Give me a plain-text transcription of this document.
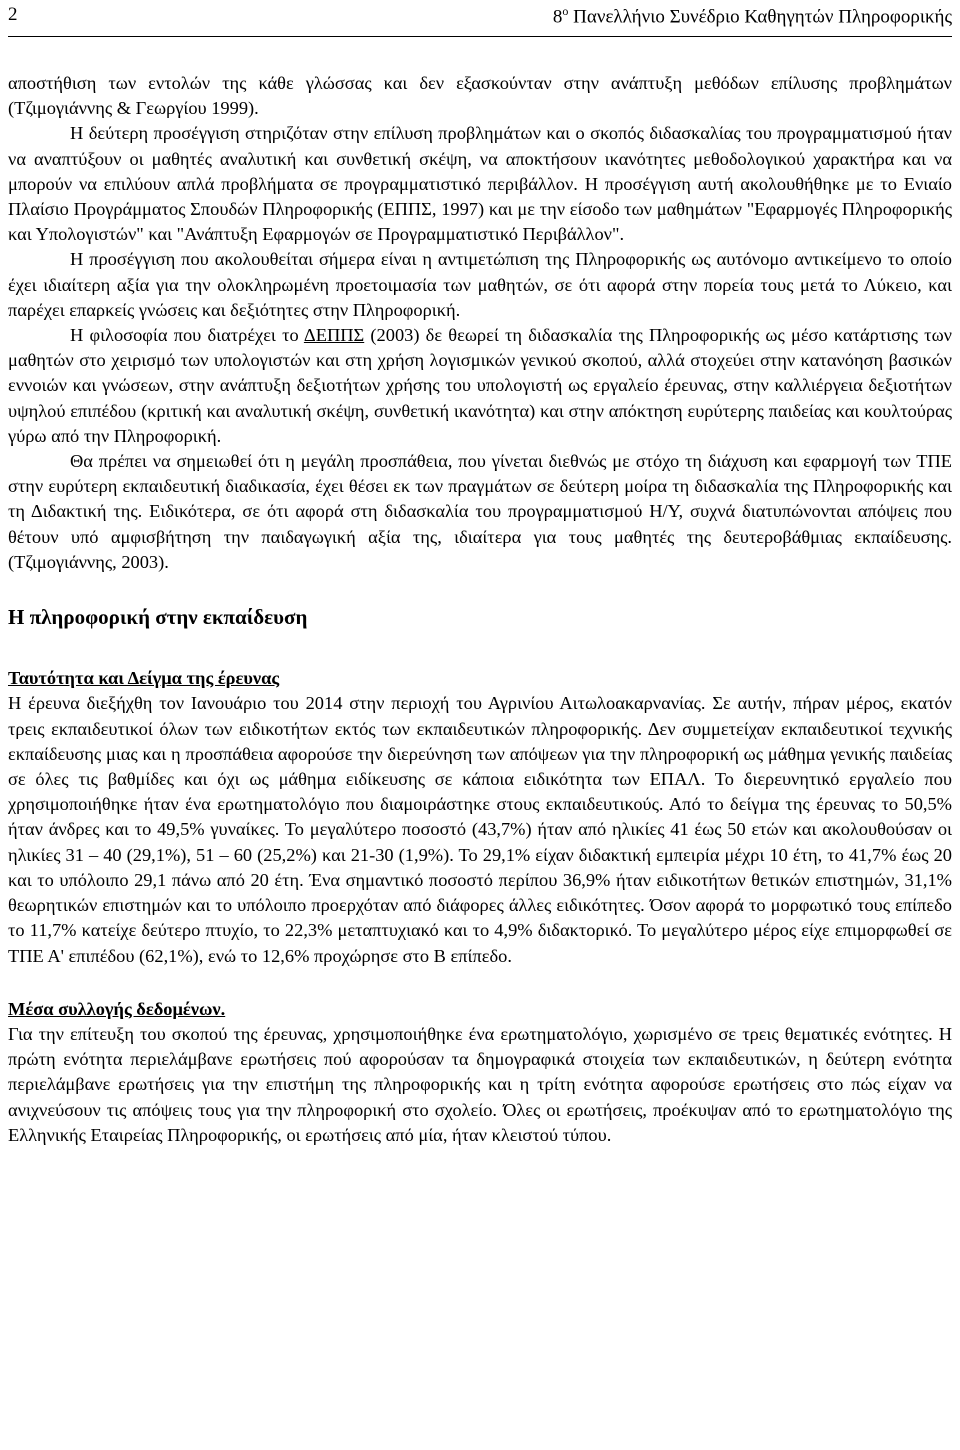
2	$8^o$ Πανελλήνιο Συνέδριο Καθηγητών Πληροφορικής

αποστήθιση των εντολών της κάθε γλώσσας και δεν εξασκούνταν στην ανάπτυξη μεθόδων επίλυσης προβλημάτων (Τζιμογιάννης & Γεωργίου 1999).

Η δεύτερη προσέγγιση στηριζόταν στην επίλυση προβλημάτων και ο σκοπός διδασκαλίας του προγραμματισμού ήταν να αναπτύξουν οι μαθητές αναλυτική και συνθετική σκέψη, να αποκτήσουν ικανότητες μεθοδολογικού χαρακτήρα και να μπορούν να επιλύουν απλά προβλήματα σε προγραμματιστικό περιβάλλον. Η προσέγγιση αυτή ακολουθήθηκε με το Ενιαίο Πλαίσιο Προγράμματος Σπουδών Πληροφορικής (ΕΠΠΣ, 1997) και με την είσοδο των μαθημάτων "Εφαρμογές Πληροφορικής και Υπολογιστών" και "Ανάπτυξη Εφαρμογών σε Προγραμματιστικό Περιβάλλον".

Η προσέγγιση που ακολουθείται σήμερα είναι η αντιμετώπιση της Πληροφορικής ως αυτόνομο αντικείμενο το οποίο έχει ιδιαίτερη αξία για την ολοκληρωμένη προετοιμασία των μαθητών, σε ότι αφορά στην πορεία τους μετά το Λύκειο, και παρέχει επαρκείς γνώσεις και δεξιότητες στην Πληροφορική.

Η φιλοσοφία που διατρέχει το ΔΕΠΠΣ (2003) δε θεωρεί τη διδασκαλία της Πληροφορικής ως μέσο κατάρτισης των μαθητών στο χειρισμό των υπολογιστών και στη χρήση λογισμικών γενικού σκοπού, αλλά στοχεύει στην κατανόηση βασικών εννοιών και γνώσεων, στην ανάπτυξη δεξιοτήτων χρήσης του υπολογιστή ως εργαλείο έρευνας, στην καλλιέργεια δεξιοτήτων υψηλού επιπέδου (κριτική και αναλυτική σκέψη, συνθετική ικανότητα) και στην απόκτηση ευρύτερης παιδείας και κουλτούρας γύρω από την Πληροφορική.

Θα πρέπει να σημειωθεί ότι η μεγάλη προσπάθεια, που γίνεται διεθνώς με στόχο τη διάχυση και εφαρμογή των ΤΠΕ στην ευρύτερη εκπαιδευτική διαδικασία, έχει θέσει εκ των πραγμάτων σε δεύτερη μοίρα τη διδασκαλία της Πληροφορικής και τη Διδακτική της. Ειδικότερα, σε ότι αφορά στη διδασκαλία του προγραμματισμού Η/Υ, συχνά διατυπώνονται απόψεις που θέτουν υπό αμφισβήτηση την παιδαγωγική αξία της, ιδιαίτερα για τους μαθητές της δευτεροβάθμιας εκπαίδευσης. (Τζιμογιάννης, 2003).

Η πληροφορική στην εκπαίδευση

Ταυτότητα και Δείγμα της έρευνας

Η έρευνα διεξήχθη τον Ιανουάριο του 2014 στην περιοχή του Αγρινίου Αιτωλοακαρνανίας. Σε αυτήν, πήραν μέρος, εκατόν τρεις εκπαιδευτικοί όλων των ειδικοτήτων εκτός των εκπαιδευτικών πληροφορικής. Δεν συμμετείχαν εκπαιδευτικοί τεχνικής εκπαίδευσης μιας και η προσπάθεια αφορούσε την διερεύνηση των απόψεων για την πληροφορική ως μάθημα γενικής παιδείας σε όλες τις βαθμίδες και όχι ως μάθημα ειδίκευσης σε κάποια ειδικότητα των ΕΠΑΛ. Το διερευνητικό εργαλείο που χρησιμοποιήθηκε ήταν ένα ερωτηματολόγιο που διαμοιράστηκε στους εκπαιδευτικούς. Από το δείγμα της έρευνας το 50,5% ήταν άνδρες και το 49,5% γυναίκες. Το μεγαλύτερο ποσοστό (43,7%) ήταν από ηλικίες 41 έως 50 ετών και ακολουθούσαν οι ηλικίες 31 – 40 (29,1%), 51 – 60 (25,2%) και 21-30 (1,9%). Το 29,1% είχαν διδακτική εμπειρία μέχρι 10 έτη, το 41,7% έως 20 και το υπόλοιπο 29,1 πάνω από 20 έτη. Ένα σημαντικό ποσοστό περίπου 36,9% ήταν ειδικοτήτων θετικών επιστημών, 31,1% θεωρητικών επιστημών και το υπόλοιπο προερχόταν από διάφορες άλλες ειδικότητες. Όσον αφορά το μορφωτικό τους επίπεδο το 11,7% κατείχε δεύτερο πτυχίο, το 22,3% μεταπτυχιακό και το 4,9% διδακτορικό. Το μεγαλύτερο μέρος είχε επιμορφωθεί σε ΤΠΕ Α' επιπέδου (62,1%), ενώ το 12,6% προχώρησε στο Β επίπεδο.

Μέσα συλλογής δεδομένων.

Για την επίτευξη του σκοπού της έρευνας, χρησιμοποιήθηκε ένα ερωτηματολόγιο, χωρισμένο σε τρεις θεματικές ενότητες. Η πρώτη ενότητα περιελάμβανε ερωτήσεις πού αφορούσαν τα δημογραφικά στοιχεία των εκπαιδευτικών, η δεύτερη ενότητα περιελάμβανε ερωτήσεις για την επιστήμη της πληροφορικής και η τρίτη ενότητα αφορούσε ερωτήσεις στο πώς είχαν να ανιχνεύσουν τις απόψεις τους για την πληροφορική στο σχολείο. Όλες οι ερωτήσεις, προέκυψαν από το ερωτηματολόγιο της Ελληνικής Εταιρείας Πληροφορικής, οι ερωτήσεις από μία, ήταν κλειστού τύπου.
